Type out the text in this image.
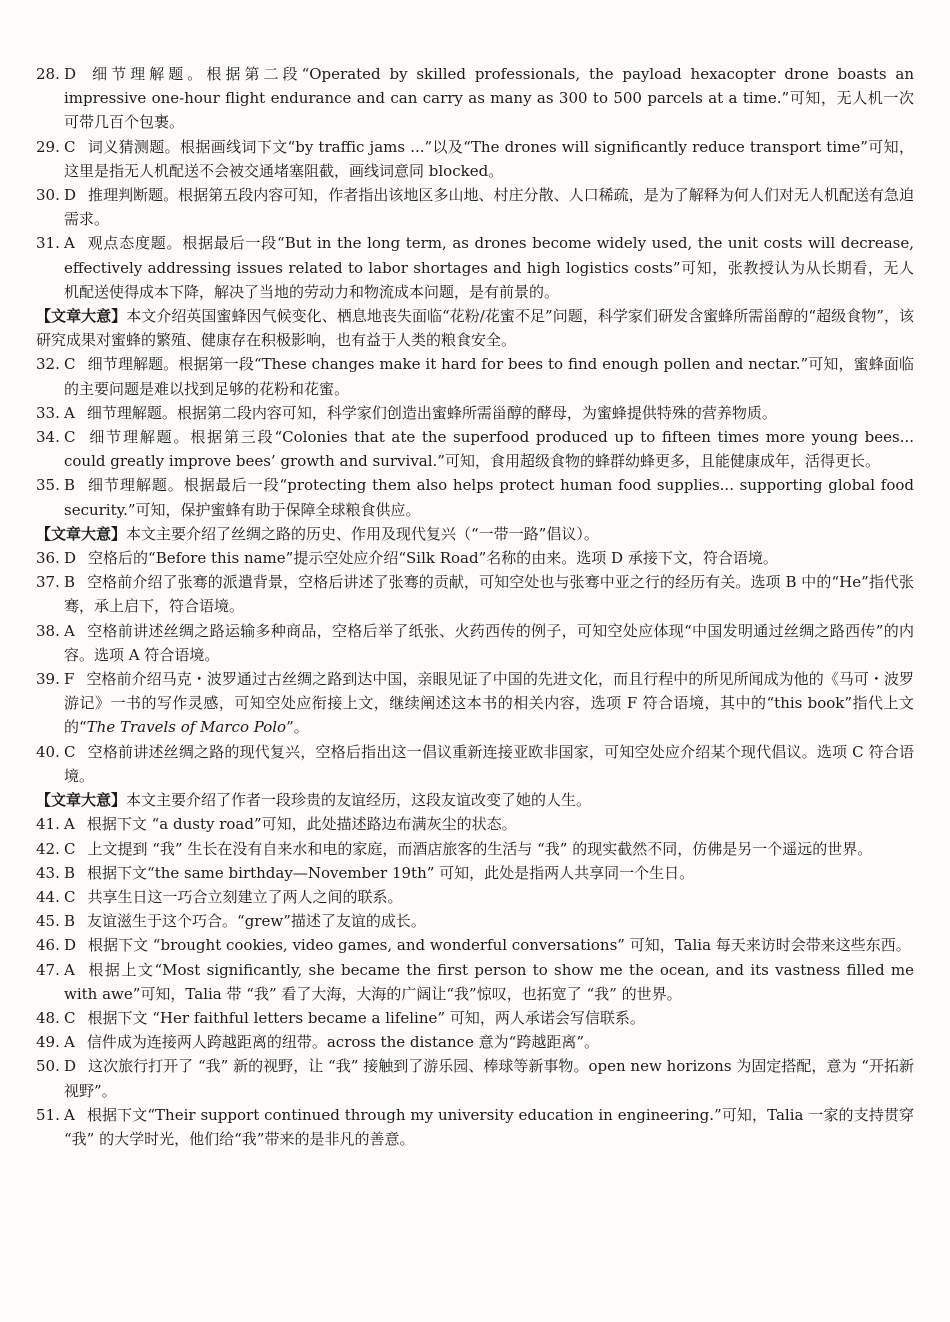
28. D 细节理解题。根据第二段“Operated by skilled professionals, the payload hexacopter drone boasts an impressive one-hour flight endurance and can carry as many as 300 to 500 parcels at a time.”可知，无人机一次可带几百个包裹。

29. C 词义猜测题。根据画线词下文“by traffic jams ...”以及“The drones will significantly reduce transport time”可知，这里是指无人机配送不会被交通堵塞阻截，画线词意同 blocked。

30. D 推理判断题。根据第五段内容可知，作者指出该地区多山地、村庄分散、人口稀疏，是为了解释为何人们对无人机配送有急迫需求。

31. A 观点态度题。根据最后一段“But in the long term, as drones become widely used, the unit costs will decrease, effectively addressing issues related to labor shortages and high logistics costs”可知，张教授认为从长期看，无人机配送使得成本下降，解决了当地的劳动力和物流成本问题，是有前景的。

【文章大意】本文介绍英国蜜蜂因气候变化、栖息地丧失面临“花粉/花蜜不足”问题，科学家们研发含蜜蜂所需甾醇的“超级食物”，该研究成果对蜜蜂的繁殖、健康存在积极影响，也有益于人类的粮食安全。

32. C 细节理解题。根据第一段“These changes make it hard for bees to find enough pollen and nectar.”可知，蜜蜂面临的主要问题是难以找到足够的花粉和花蜜。

33. A 细节理解题。根据第二段内容可知，科学家们创造出蜜蜂所需甾醇的酵母，为蜜蜂提供特殊的营养物质。

34. C 细节理解题。根据第三段“Colonies that ate the superfood produced up to fifteen times more young bees... could greatly improve bees’ growth and survival.”可知，食用超级食物的蜂群幼蜂更多，且能健康成年，活得更长。

35. B 细节理解题。根据最后一段“protecting them also helps protect human food supplies... supporting global food security.”可知，保护蜜蜂有助于保障全球粮食供应。

【文章大意】本文主要介绍了丝绸之路的历史、作用及现代复兴（“一带一路”倡议）。

36. D 空格后的“Before this name”提示空处应介绍“Silk Road”名称的由来。选项 D 承接下文，符合语境。

37. B 空格前介绍了张骞的派遣背景，空格后讲述了张骞的贡献，可知空处也与张骞中亚之行的经历有关。选项 B 中的“He”指代张骞，承上启下，符合语境。

38. A 空格前讲述丝绸之路运输多种商品，空格后举了纸张、火药西传的例子，可知空处应体现“中国发明通过丝绸之路西传”的内容。选项 A 符合语境。

39. F 空格前介绍马克・波罗通过古丝绸之路到达中国，亲眼见证了中国的先进文化，而且行程中的所见所闻成为他的《马可・波罗游记》一书的写作灵感，可知空处应衔接上文，继续阐述这本书的相关内容，选项 F 符合语境，其中的“this book”指代上文的“The Travels of Marco Polo”。

40. C 空格前讲述丝绸之路的现代复兴，空格后指出这一倡议重新连接亚欧非国家，可知空处应介绍某个现代倡议。选项 C 符合语境。

【文章大意】本文主要介绍了作者一段珍贵的友谊经历，这段友谊改变了她的人生。

41. A 根据下文 “a dusty road”可知，此处描述路边布满灰尘的状态。

42. C 上文提到 “我” 生长在没有自来水和电的家庭，而酒店旅客的生活与 “我” 的现实截然不同，仿佛是另一个遥远的世界。

43. B 根据下文“the same birthday—November 19th” 可知，此处是指两人共享同一个生日。

44. C 共享生日这一巧合立刻建立了两人之间的联系。

45. B 友谊滋生于这个巧合。“grew”描述了友谊的成长。

46. D 根据下文 “brought cookies, video games, and wonderful conversations” 可知，Talia 每天来访时会带来这些东西。

47. A 根据上文“Most significantly, she became the first person to show me the ocean, and its vastness filled me with awe”可知，Talia 带 “我” 看了大海，大海的广阔让“我”惊叹，也拓宽了 “我” 的世界。

48. C 根据下文 “Her faithful letters became a lifeline” 可知，两人承诺会写信联系。

49. A 信件成为连接两人跨越距离的纽带。across the distance 意为“跨越距离”。

50. D 这次旅行打开了 “我” 新的视野，让 “我” 接触到了游乐园、棒球等新事物。open new horizons 为固定搭配，意为 “开拓新视野”。

51. A 根据下文“Their support continued through my university education in engineering.”可知，Talia 一家的支持贯穿 “我” 的大学时光，他们给“我”带来的是非凡的善意。
